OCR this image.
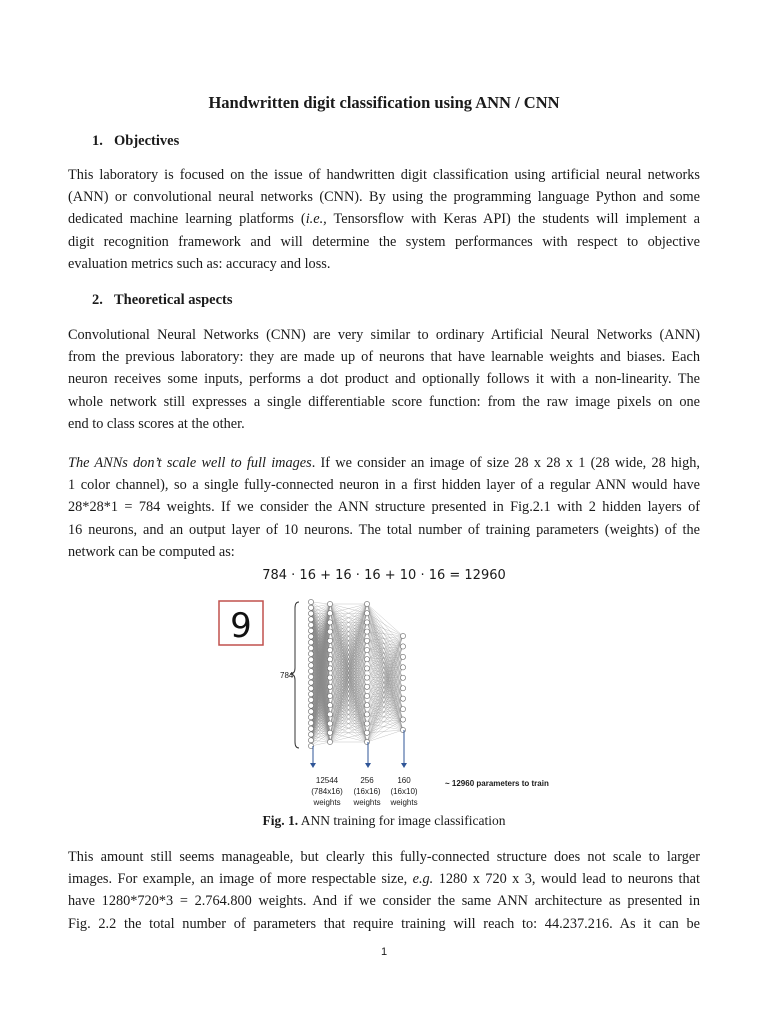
Handwritten digit classification using ANN / CNN
1. Objectives
This laboratory is focused on the issue of handwritten digit classification using artificial neural networks
(ANN) or convolutional neural networks (CNN). By using the programming language Python and some
dedicated machine learning platforms (i.e., Tensorsflow with Keras API) the students will implement a
digit recognition framework and will determine the system performances with respect to objective
evaluation metrics such as: accuracy and loss.
2. Theoretical aspects
Convolutional Neural Networks (CNN) are very similar to ordinary Artificial Neural Networks (ANN)
from the previous laboratory: they are made up of neurons that have learnable weights and biases. Each
neuron receives some inputs, performs a dot product and optionally follows it with a non-linearity. The
whole network still expresses a single differentiable score function: from the raw image pixels on one
end to class scores at the other.
The ANNs don’t scale well to full images. If we consider an image of size 28 x 28 x 1 (28 wide, 28 high,
1 color channel), so a single fully-connected neuron in a first hidden layer of a regular ANN would have
28*28*1 = 784 weights. If we consider the ANN structure presented in Fig.2.1 with 2 hidden layers of
16 neurons, and an output layer of 10 neurons. The total number of training parameters (weights) of the
network can be computed as:
784 · 16 + 16 · 16 + 10 · 16 = 12960
9
784
12544
(784x16)
weights
256
(16x16)
weights
160
(16x10)
weights
~ 12960 parameters to train
Fig. 1. ANN training for image classification
This amount still seems manageable, but clearly this fully-connected structure does not scale to larger
images. For example, an image of more respectable size, e.g. 1280 x 720 x 3, would lead to neurons that
have 1280*720*3 = 2.764.800 weights. And if we consider the same ANN architecture as presented in
Fig. 2.2 the total number of parameters that require training will reach to: 44.237.216. As it can be
1
